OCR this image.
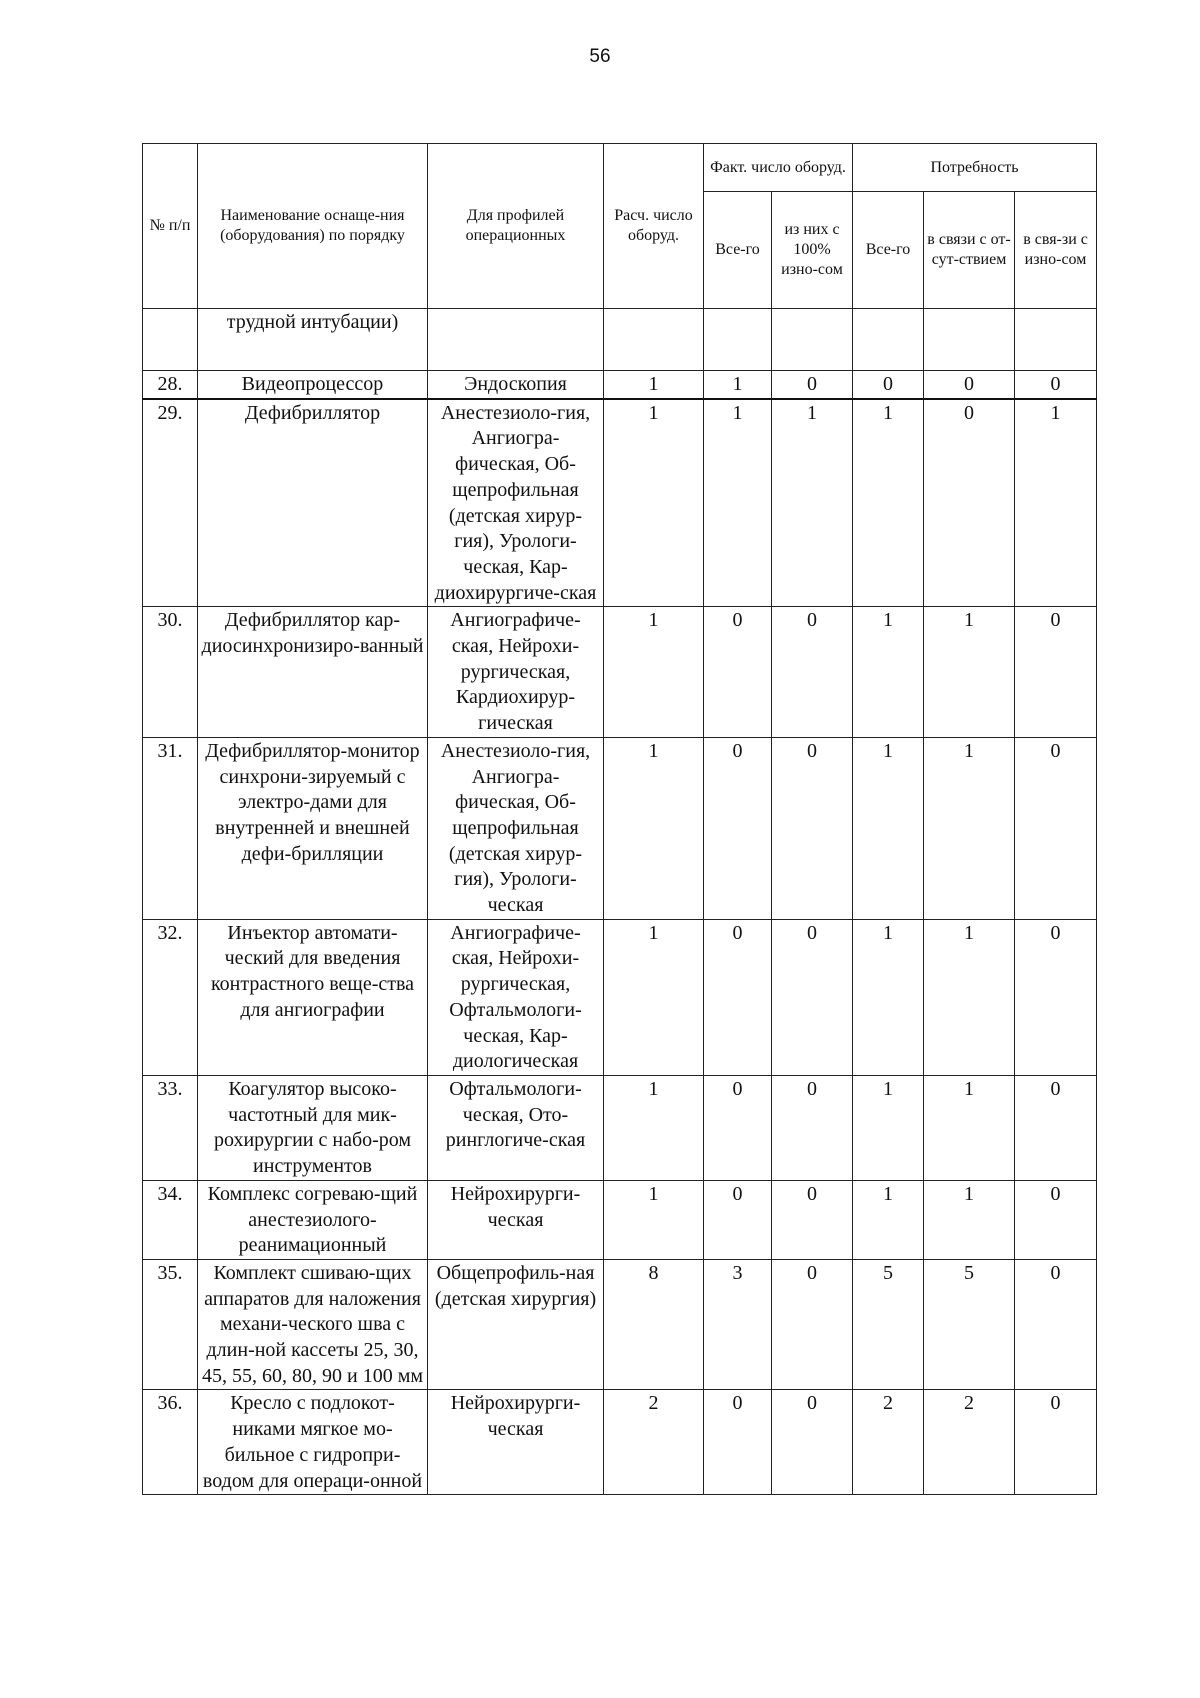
56
№ п/п	Наименование оснаще-ния (оборудования) по порядку	Для профилей операционных	Расч. число оборуд.	Факт. число оборуд.		Потребность		
				Все-го	из них с 100% изно-сом	Все-го	в связи с от-сут-ствием	в свя-зи с изно-сом
	трудной интубации)							
28.	Видеопроцессор	Эндоскопия	1	1	0	0	0	0
29.	Дефибриллятор	Анестезиоло-гия, Ангиогра-фическая, Об-щепрофильная (детская хирур-гия), Урологи-ческая, Кар-диохирургиче-ская	1	1	1	1	0	1
30.	Дефибриллятор кар-диосинхронизиро-ванный	Ангиографиче-ская, Нейрохи-рургическая, Кардиохирур-гическая	1	0	0	1	1	0
31.	Дефибриллятор-монитор синхрони-зируемый с электро-дами для внутренней и внешней дефи-брилляции	Анестезиоло-гия, Ангиогра-фическая, Об-щепрофильная (детская хирур-гия), Урологи-ческая	1	0	0	1	1	0
32.	Инъектор автомати-ческий для введения контрастного веще-ства для ангиографии	Ангиографиче-ская, Нейрохи-рургическая, Офтальмологи-ческая, Кар-диологическая	1	0	0	1	1	0
33.	Коагулятор высоко-частотный для мик-рохирургии с набо-ром инструментов	Офтальмологи-ческая, Ото-ринглогиче-ская	1	0	0	1	1	0
34.	Комплекс согреваю-щий анестезиолого-реанимационный	Нейрохирурги-ческая	1	0	0	1	1	0
35.	Комплект сшиваю-щих аппаратов для наложения механи-ческого шва с длин-ной кассеты 25, 30, 45, 55, 60, 80, 90 и 100 мм	Общепрофиль-ная (детская хирургия)	8	3	0	5	5	0
36.	Кресло с подлокот-никами мягкое мо-бильное с гидропри-водом для операци-онной	Нейрохирурги-ческая	2	0	0	2	2	0
